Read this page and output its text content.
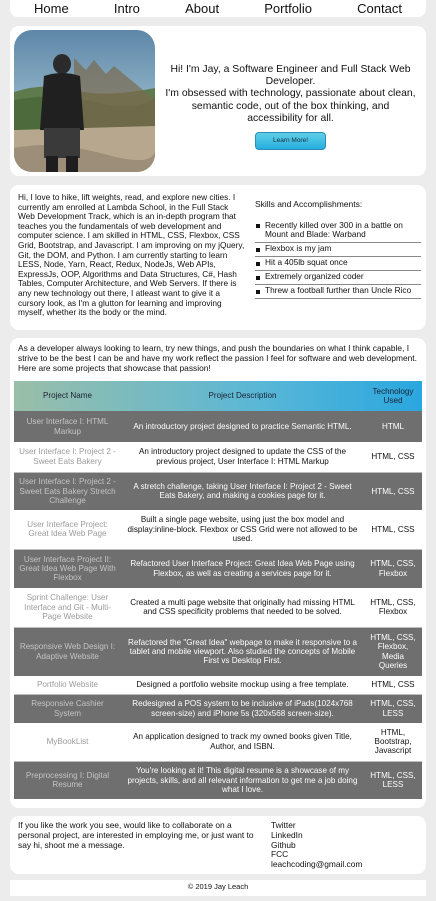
Home	Intro	About	Portfolio	Contact

Hi! I'm Jay, a Software Engineer and Full Stack Web Developer.

I'm obsessed with technology, passionate about clean, semantic code, out of the box thinking, and accessibility for all.

Learn More!

Hi, I love to hike, lift weights, read, and explore new cities. I currently am enrolled at Lambda School, in the Full Stack Web Development Track, which is an in-depth program that teaches you the fundamentals of web development and computer science. I am skilled in HTML, CSS, Flexbox, CSS Grid, Bootstrap, and Javascript. I am improving on my jQuery, Git, the DOM, and Python. I am currently starting to learn LESS, Node, Yarn, React, Redux, NodeJs, Web APIs, ExpressJs, OOP, Algorithms and Data Structures, C#, Hash Tables, Computer Architecture, and Web Servers. If there is any new technology out there, I atleast want to give it a cursory look, as I'm a glutton for learning and improving myself, whether its the body or the mind.

Skills and Accomplishments:

Recently killed over 300 in a battle on Mount and Blade: Warband
Flexbox is my jam
Hit a 405lb squat once
Extremely organized coder
Threw a football further than Uncle Rico

As a developer always looking to learn, try new things, and push the boundaries on what I think capable, I strive to be the best I can be and have my work reflect the passion I feel for software and web development. Here are some projects that showcase that passion!

Project Name	Project Description	Technology Used
User Interface I: HTML Markup	An introductory project designed to practice Semantic HTML.	HTML
User Interface I: Project 2 - Sweet Eats Bakery	An introductory project designed to update the CSS of the previous project, User Interface I: HTML Markup	HTML, CSS
User Interface I: Project 2 - Sweet Eats Bakery Stretch Challenge	A stretch challenge, taking User Interface I: Project 2 - Sweet Eats Bakery, and making a cookies page for it.	HTML, CSS
User Interface Project: Great Idea Web Page	Built a single page website, using just the box model and display:inline-block. Flexbox or CSS Grid were not allowed to be used.	HTML, CSS
User Interface Project II: Great Idea Web Page With Flexbox	Refactored User Interface Project: Great Idea Web Page using Flexbox, as well as creating a services page for it.	HTML, CSS, Flexbox
Sprint Challenge: User Interface and Git - Multi-Page Website	Created a multi page website that originally had missing HTML and CSS specificity problems that needed to be solved.	HTML, CSS, Flexbox
Responsive Web Design I: Adaptive Website	Refactored the "Great Idea" webpage to make it responsive to a tablet and mobile viewport. Also studied the concepts of Mobile First vs Desktop First.	HTML, CSS, Flexbox, Media Queries
Portfolio Website	Designed a portfolio website mockup using a free template.	HTML, CSS
Responsive Cashier System	Redesigned a POS system to be inclusive of iPads(1024x768 screen-size) and iPhone 5s (320x568 screen-size).	HTML, CSS, LESS
MyBookList	An application designed to track my owned books given Title, Author, and ISBN.	HTML, Bootstrap, Javascript
Preprocessing I: Digital Resume	You're looking at it! This digital resume is a showcase of my projects, skills, and all relevant information to get me a job doing what I love.	HTML, CSS, LESS

If you like the work you see, would like to collaborate on a personal project, are interested in employing me, or just want to say hi, shoot me a message.

Twitter
LinkedIn
Github
FCC
leachcoding@gmail.com
© 2019 Jay Leach
